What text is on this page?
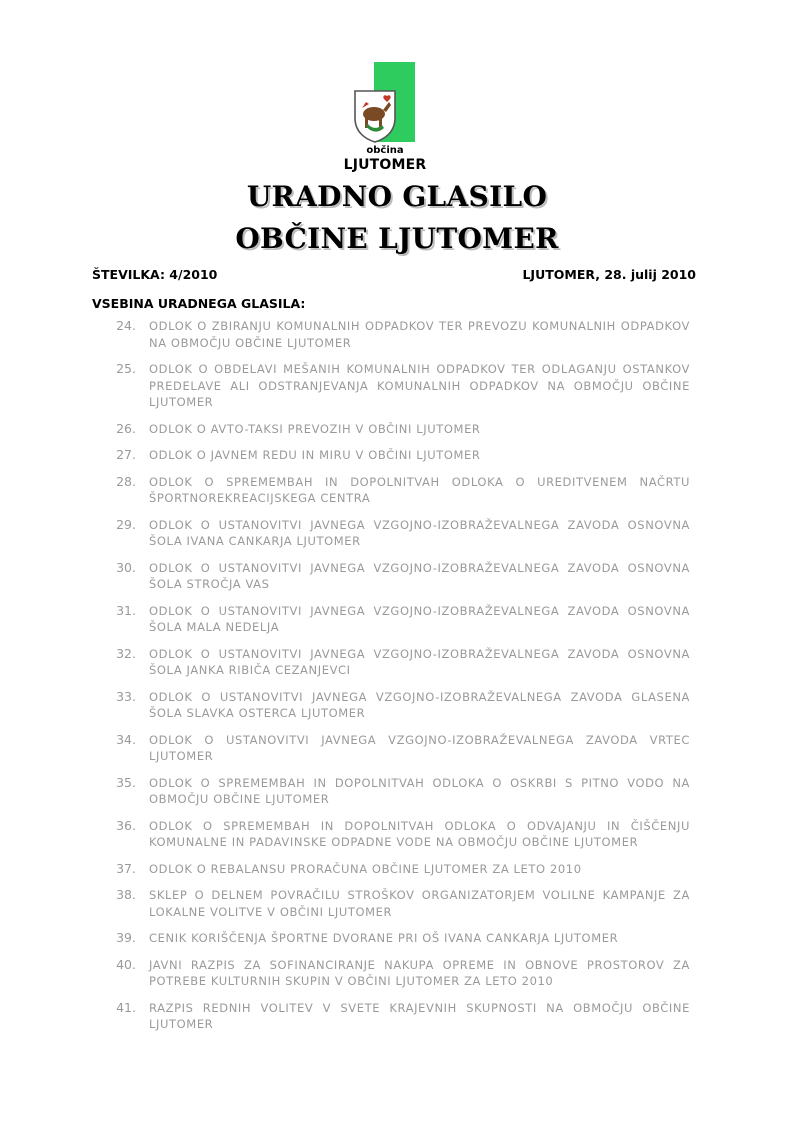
občina
LJUTOMER
URADNO GLASILO
OBČINE LJUTOMER
ŠTEVILKA: 4/2010	LJUTOMER, 28. julij 2010
VSEBINA URADNEGA GLASILA:
24. ODLOK O ZBIRANJU KOMUNALNIH ODPADKOV TER PREVOZU KOMUNALNIH ODPADKOV NA OBMOČJU OBČINE LJUTOMER
25. ODLOK O OBDELAVI MEŠANIH KOMUNALNIH ODPADKOV TER ODLAGANJU OSTANKOV PREDELAVE ALI ODSTRANJEVANJA KOMUNALNIH ODPADKOV NA OBMOČJU OBČINE LJUTOMER
26. ODLOK O AVTO-TAKSI PREVOZIH V OBČINI LJUTOMER
27. ODLOK O JAVNEM REDU IN MIRU V OBČINI LJUTOMER
28. ODLOK O SPREMEMBAH IN DOPOLNITVAH ODLOKA O UREDITVENEM NAČRTU ŠPORTNOREKREACIJSKEGA CENTRA
29. ODLOK O USTANOVITVI JAVNEGA VZGOJNO-IZOBRAŽEVALNEGA ZAVODA OSNOVNA ŠOLA IVANA CANKARJA LJUTOMER
30. ODLOK O USTANOVITVI JAVNEGA VZGOJNO-IZOBRAŽEVALNEGA ZAVODA OSNOVNA ŠOLA STROČJA VAS
31. ODLOK O USTANOVITVI JAVNEGA VZGOJNO-IZOBRAŽEVALNEGA ZAVODA OSNOVNA ŠOLA MALA NEDELJA
32. ODLOK O USTANOVITVI JAVNEGA VZGOJNO-IZOBRAŽEVALNEGA ZAVODA OSNOVNA ŠOLA JANKA RIBIČA CEZANJEVCI
33. ODLOK O USTANOVITVI JAVNEGA VZGOJNO-IZOBRAŽEVALNEGA ZAVODA GLASENA ŠOLA SLAVKA OSTERCA LJUTOMER
34. ODLOK O USTANOVITVI JAVNEGA VZGOJNO-IZOBRAŽEVALNEGA ZAVODA VRTEC LJUTOMER
35. ODLOK O SPREMEMBAH IN DOPOLNITVAH ODLOKA O OSKRBI S PITNO VODO NA OBMOČJU OBČINE LJUTOMER
36. ODLOK O SPREMEMBAH IN DOPOLNITVAH ODLOKA O ODVAJANJU IN ČIŠČENJU KOMUNALNE IN PADAVINSKE ODPADNE VODE NA OBMOČJU OBČINE LJUTOMER
37. ODLOK O REBALANSU PRORAČUNA OBČINE LJUTOMER ZA LETO 2010
38. SKLEP O DELNEM POVRAČILU STROŠKOV ORGANIZATORJEM VOLILNE KAMPANJE ZA LOKALNE VOLITVE V OBČINI LJUTOMER
39. CENIK KORIŠČENJA ŠPORTNE DVORANE PRI OŠ IVANA CANKARJA LJUTOMER
40. JAVNI RAZPIS ZA SOFINANCIRANJE NAKUPA OPREME IN OBNOVE PROSTOROV ZA POTREBE KULTURNIH SKUPIN V OBČINI LJUTOMER ZA LETO 2010
41. RAZPIS REDNIH VOLITEV V SVETE KRAJEVNIH SKUPNOSTI NA OBMOČJU OBČINE LJUTOMER
